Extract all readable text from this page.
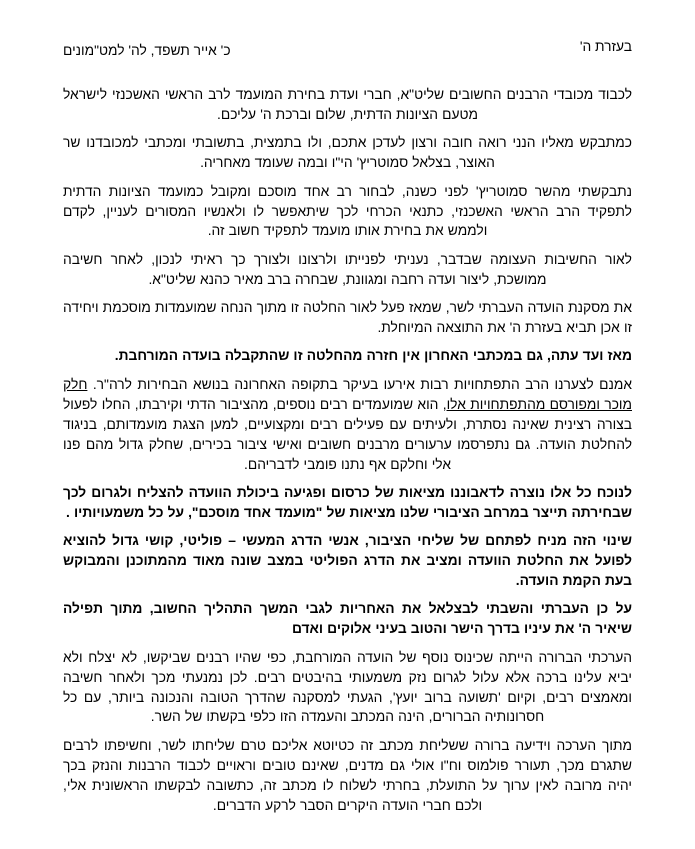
בעזרת ה'
כ' אייר תשפד, לה' למט"מונים

לכבוד מכובדי הרבנים החשובים שליט"א, חברי ועדת בחירת המועמד לרב הראשי האשכנזי לישראל מטעם הציונות הדתית, שלום וברכת ה' עליכם.

כמתבקש מאליו הנני רואה חובה ורצון לעדכן אתכם, ולו בתמצית, בתשובתי ומכתבי למכובדנו שר האוצר, בצלאל סמוטריץ' הי"ו ובמה שעומד מאחריה.

נתבקשתי מהשר סמוטריץ' לפני כשנה, לבחור רב אחד מוסכם ומקובל כמועמד הציונות הדתית לתפקיד הרב הראשי האשכנזי, כתנאי הכרחי לכך שיתאפשר לו ולאנשיו המסורים לעניין, לקדם ולממש את בחירת אותו מועמד לתפקיד חשוב זה.

לאור החשיבות העצומה שבדבר, נעניתי לפנייתו ולרצונו ולצורך כך ראיתי לנכון, לאחר חשיבה ממושכת, ליצור ועדה רחבה ומגוונת, שבחרה ברב מאיר כהנא שליט"א.

את מסקנת הועדה העברתי לשר, שמאז פעל לאור החלטה זו מתוך הנחה שמועמדות מוסכמת ויחידה זו אכן תביא בעזרת ה' את התוצאה המיוחלת.

מאז ועד עתה, גם במכתבי האחרון אין חזרה מהחלטה זו שהתקבלה בועדה המורחבת.

אמנם לצערנו הרב התפתחויות רבות אירעו בעיקר בתקופה האחרונה בנושא הבחירות לרה"ר. חלק מוכר ומפורסם מהתפתחויות אלו, הוא שמועמדים רבים נוספים, מהציבור הדתי וקירבתו, החלו לפעול בצורה רצינית שאינה נסתרת, ולעיתים עם פעילים רבים ומקצועיים, למען הצגת מועמדותם, בניגוד להחלטת הועדה. גם נתפרסמו ערעורים מרבנים חשובים ואישי ציבור בכירים, שחלק גדול מהם פנו אלי וחלקם אף נתנו פומבי לדבריהם.

לנוכח כל אלו נוצרה לדאבוננו מציאות של כרסום ופגיעה ביכולת הוועדה להצליח ולגרום לכך שבחירתה תייצר במרחב הציבורי שלנו מציאות של "מועמד אחד מוסכם", על כל משמעויותיו .

שינוי הזה מניח לפתחם של שליחי הציבור, אנשי הדרג המעשי – פוליטי, קושי גדול להוציא לפועל את החלטת הוועדה ומציב את הדרג הפוליטי במצב שונה מאוד מהמתוכנן והמבוקש בעת הקמת הועדה.

על כן העברתי והשבתי לבצלאל את האחריות לגבי המשך התהליך החשוב, מתוך תפילה שיאיר ה' את עיניו בדרך הישר והטוב בעיני אלוקים ואדם

הערכתי הברורה הייתה שכינוס נוסף של הועדה המורחבת, כפי שהיו רבנים שביקשו, לא יצלח ולא יביא עלינו ברכה אלא עלול לגרום נזק משמעותי בהיבטים רבים. לכן נמנעתי מכך ולאחר חשיבה ומאמצים רבים, וקיום 'תשועה ברוב יועץ', הגעתי למסקנה שהדרך הטובה והנכונה ביותר, עם כל חסרונותיה הברורים, הינה המכתב והעמדה הזו כלפי בקשתו של השר.

מתוך הערכה וידיעה ברורה ששליחת מכתב זה כטיוטא אליכם טרם שליחתו לשר, וחשיפתו לרבים שתגרם מכך, תעורר פולמוס וח"ו אולי גם מדנים, שאינם טובים וראויים לכבוד הרבנות והנזק בכך יהיה מרובה לאין ערוך על התועלת, בחרתי לשלוח לו מכתב זה, כתשובה לבקשתו הראשונית אלי, ולכם חברי הועדה היקרים הסבר לרקע הדברים.
